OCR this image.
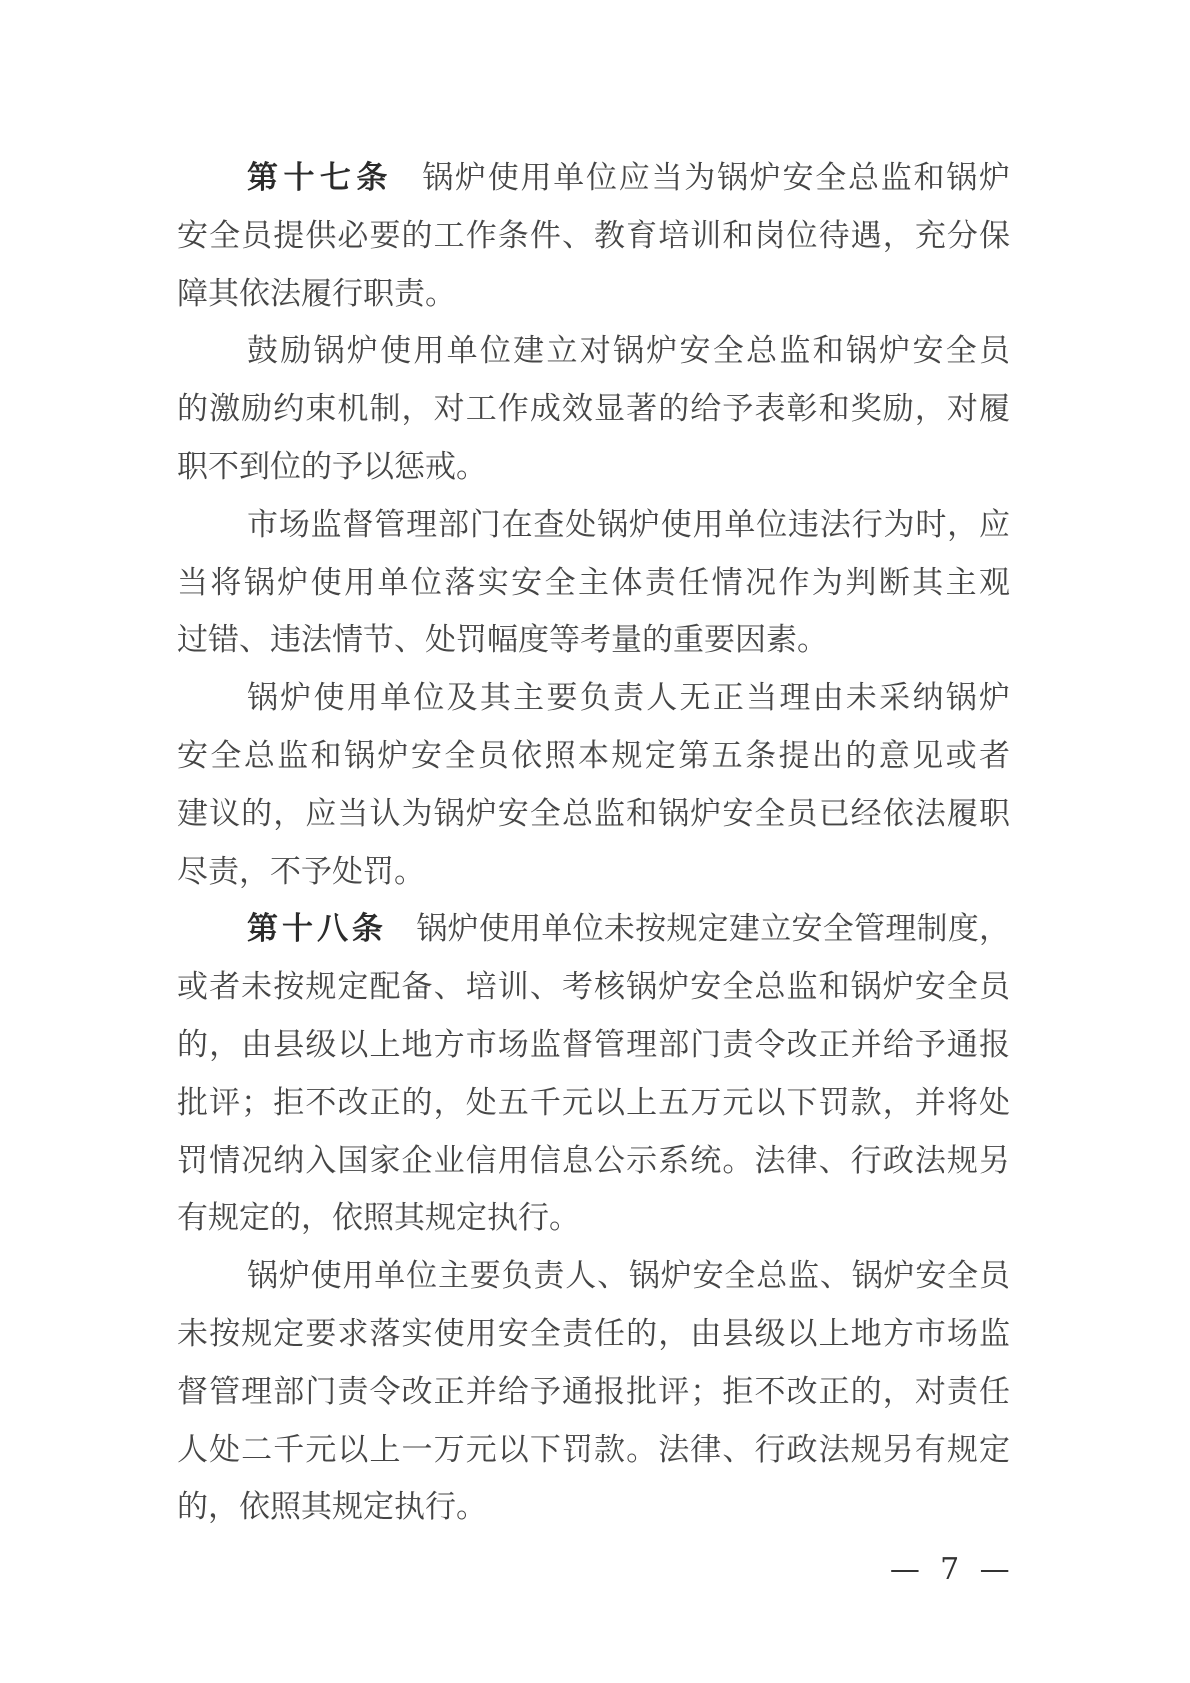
第十七条 锅炉使用单位应当为锅炉安全总监和锅炉
安全员提供必要的工作条件、教育培训和岗位待遇，充分保
障其依法履行职责。
鼓励锅炉使用单位建立对锅炉安全总监和锅炉安全员
的激励约束机制，对工作成效显著的给予表彰和奖励，对履
职不到位的予以惩戒。
市场监督管理部门在查处锅炉使用单位违法行为时，应
当将锅炉使用单位落实安全主体责任情况作为判断其主观
过错、违法情节、处罚幅度等考量的重要因素。
锅炉使用单位及其主要负责人无正当理由未采纳锅炉
安全总监和锅炉安全员依照本规定第五条提出的意见或者
建议的，应当认为锅炉安全总监和锅炉安全员已经依法履职
尽责，不予处罚。
第十八条 锅炉使用单位未按规定建立安全管理制度，
或者未按规定配备、培训、考核锅炉安全总监和锅炉安全员
的，由县级以上地方市场监督管理部门责令改正并给予通报
批评；拒不改正的，处五千元以上五万元以下罚款，并将处
罚情况纳入国家企业信用信息公示系统。法律、行政法规另
有规定的，依照其规定执行。
锅炉使用单位主要负责人、锅炉安全总监、锅炉安全员
未按规定要求落实使用安全责任的，由县级以上地方市场监
督管理部门责令改正并给予通报批评；拒不改正的，对责任
人处二千元以上一万元以下罚款。法律、行政法规另有规定
的，依照其规定执行。
— 7 —
